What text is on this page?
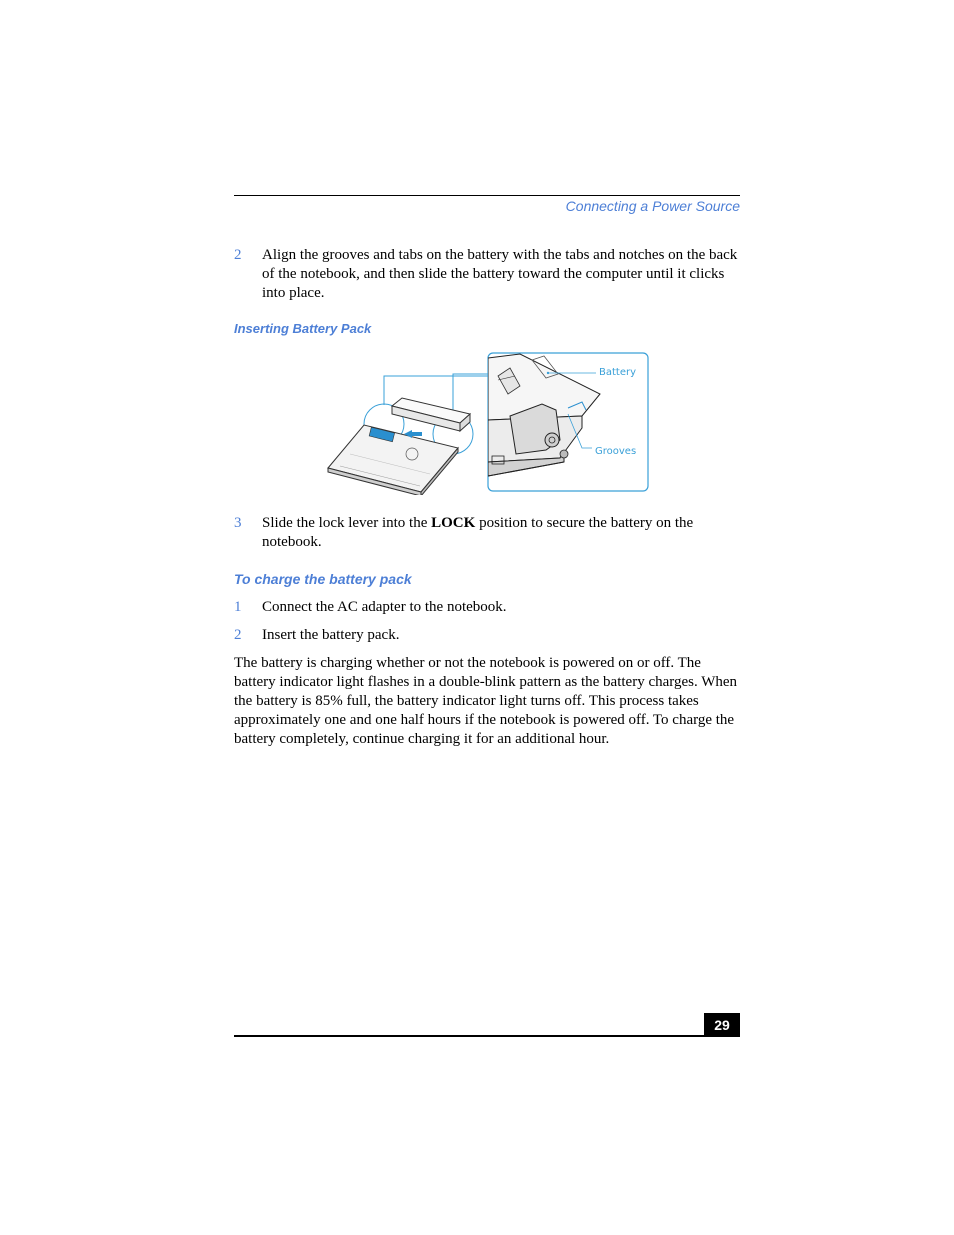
Connecting a Power Source
2 Align the grooves and tabs on the battery with the tabs and notches on the back of the notebook, and then slide the battery toward the computer until it clicks into place.
Inserting Battery Pack
Battery
Grooves
3 Slide the lock lever into the LOCK position to secure the battery on the notebook.
To charge the battery pack
1 Connect the AC adapter to the notebook.
2 Insert the battery pack.
The battery is charging whether or not the notebook is powered on or off. The battery indicator light flashes in a double-blink pattern as the battery charges. When the battery is 85% full, the battery indicator light turns off. This process takes approximately one and one half hours if the notebook is powered off. To charge the battery completely, continue charging it for an additional hour.
29
